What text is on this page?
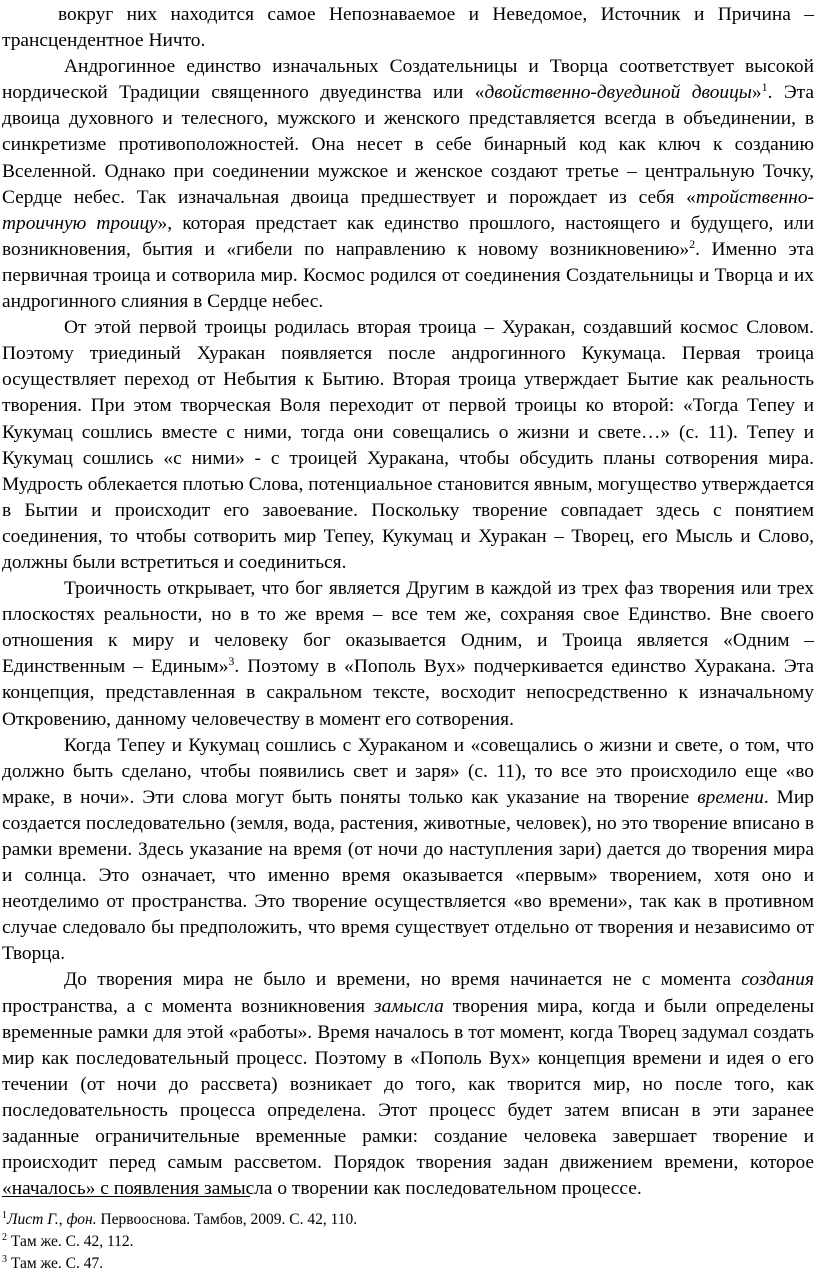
вокруг них находится самое Непознаваемое и Неведомое, Источник и Причина – трансцендентное Ничто.

Андрогинное единство изначальных Создательницы и Творца соответствует высокой нордической Традиции священного двуединства или «двойственно-двуединой двоицы»$^1$. Эта двоица духовного и телесного, мужского и женского представляется всегда в объединении, в синкретизме противоположностей. Она несет в себе бинарный код как ключ к созданию Вселенной. Однако при соединении мужское и женское создают третье – центральную Точку, Сердце небес. Так изначальная двоица предшествует и порождает из себя «тройственно-троичную троицу», которая предстает как единство прошлого, настоящего и будущего, или возникновения, бытия и «гибели по направлению к новому возникновению»$^2$. Именно эта первичная троица и сотворила мир. Космос родился от соединения Создательницы и Творца и их андрогинного слияния в Сердце небес.

От этой первой троицы родилась вторая троица – Хуракан, создавший космос Словом. Поэтому триединый Хуракан появляется после андрогинного Кукумаца. Первая троица осуществляет переход от Небытия к Бытию. Вторая троица утверждает Бытие как реальность творения. При этом творческая Воля переходит от первой троицы ко второй: «Тогда Тепеу и Кукумац сошлись вместе с ними, тогда они совещались о жизни и свете…» (с. 11). Тепеу и Кукумац сошлись «с ними» - с троицей Хуракана, чтобы обсудить планы сотворения мира. Мудрость облекается плотью Слова, потенциальное становится явным, могущество утверждается в Бытии и происходит его завоевание. Поскольку творение совпадает здесь с понятием соединения, то чтобы сотворить мир Тепеу, Кукумац и Хуракан – Творец, его Мысль и Слово, должны были встретиться и соединиться.

Троичность открывает, что бог является Другим в каждой из трех фаз творения или трех плоскостях реальности, но в то же время – все тем же, сохраняя свое Единство. Вне своего отношения к миру и человеку бог оказывается Одним, и Троица является «Одним – Единственным – Единым»$^3$. Поэтому в «Пополь Вух» подчеркивается единство Хуракана. Эта концепция, представленная в сакральном тексте, восходит непосредственно к изначальному Откровению, данному человечеству в момент его сотворения.

Когда Тепеу и Кукумац сошлись с Хураканом и «совещались о жизни и свете, о том, что должно быть сделано, чтобы появились свет и заря» (с. 11), то все это происходило еще «во мраке, в ночи». Эти слова могут быть поняты только как указание на творение времени. Мир создается последовательно (земля, вода, растения, животные, человек), но это творение вписано в рамки времени. Здесь указание на время (от ночи до наступления зари) дается до творения мира и солнца. Это означает, что именно время оказывается «первым» творением, хотя оно и неотделимо от пространства. Это творение осуществляется «во времени», так как в противном случае следовало бы предположить, что время существует отдельно от творения и независимо от Творца.

До творения мира не было и времени, но время начинается не с момента создания пространства, а с момента возникновения замысла творения мира, когда и были определены временные рамки для этой «работы». Время началось в тот момент, когда Творец задумал создать мир как последовательный процесс. Поэтому в «Пополь Вух» концепция времени и идея о его течении (от ночи до рассвета) возникает до того, как творится мир, но после того, как последовательность процесса определена. Этот процесс будет затем вписан в эти заранее заданные ограничительные временные рамки: создание человека завершает творение и происходит перед самым рассветом. Порядок творения задан движением времени, которое «началось» с появления замысла о творении как последовательном процессе.

$^1$Лист Г., фон. Первооснова. Тамбов, 2009. С. 42, 110.

$^2$ Там же. С. 42, 112.

$^3$ Там же. С. 47.
